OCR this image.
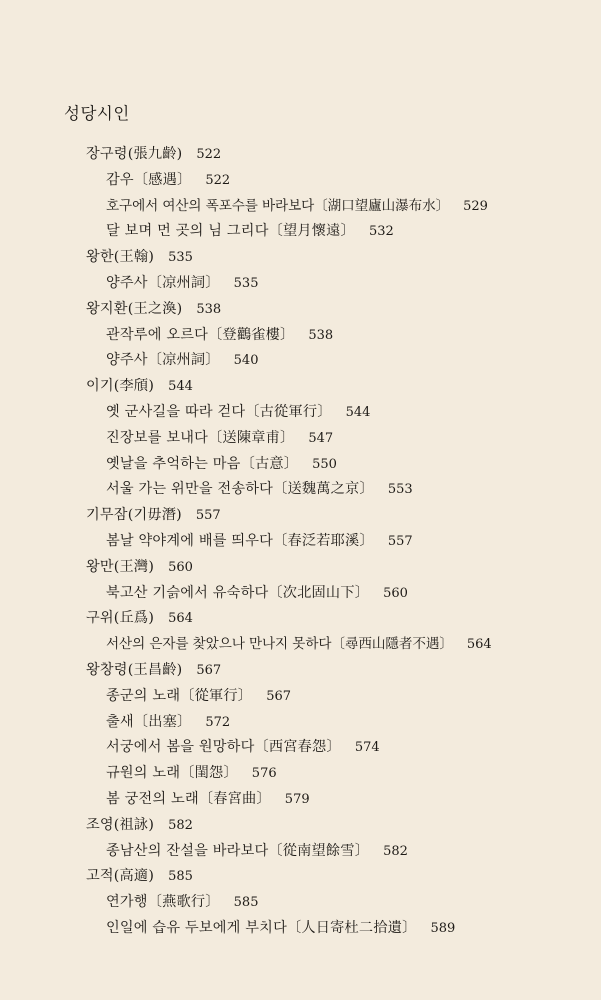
성당시인
장구령(張九齡) 522
감우〔感遇〕 522
호구에서 여산의 폭포수를 바라보다〔湖口望廬山瀑布水〕 529
달 보며 먼 곳의 님 그리다〔望月懷遠〕 532
왕한(王翰) 535
양주사〔凉州詞〕 535
왕지환(王之渙) 538
관작루에 오르다〔登鸛雀樓〕 538
양주사〔凉州詞〕 540
이기(李頎) 544
옛 군사길을 따라 걷다〔古從軍行〕 544
진장보를 보내다〔送陳章甫〕 547
옛날을 추억하는 마음〔古意〕 550
서울 가는 위만을 전송하다〔送魏萬之京〕 553
기무잠(기毋潛) 557
봄날 약야계에 배를 띄우다〔春泛若耶溪〕 557
왕만(王灣) 560
북고산 기슭에서 유숙하다〔次北固山下〕 560
구위(丘爲) 564
서산의 은자를 찾았으나 만나지 못하다〔尋西山隱者不遇〕 564
왕창령(王昌齡) 567
종군의 노래〔從軍行〕 567
출새〔出塞〕 572
서궁에서 봄을 원망하다〔西宮春怨〕 574
규원의 노래〔閨怨〕 576
봄 궁전의 노래〔春宮曲〕 579
조영(祖詠) 582
종남산의 잔설을 바라보다〔從南望餘雪〕 582
고적(高適) 585
연가행〔燕歌行〕 585
인일에 습유 두보에게 부치다〔人日寄杜二拾遺〕 589
